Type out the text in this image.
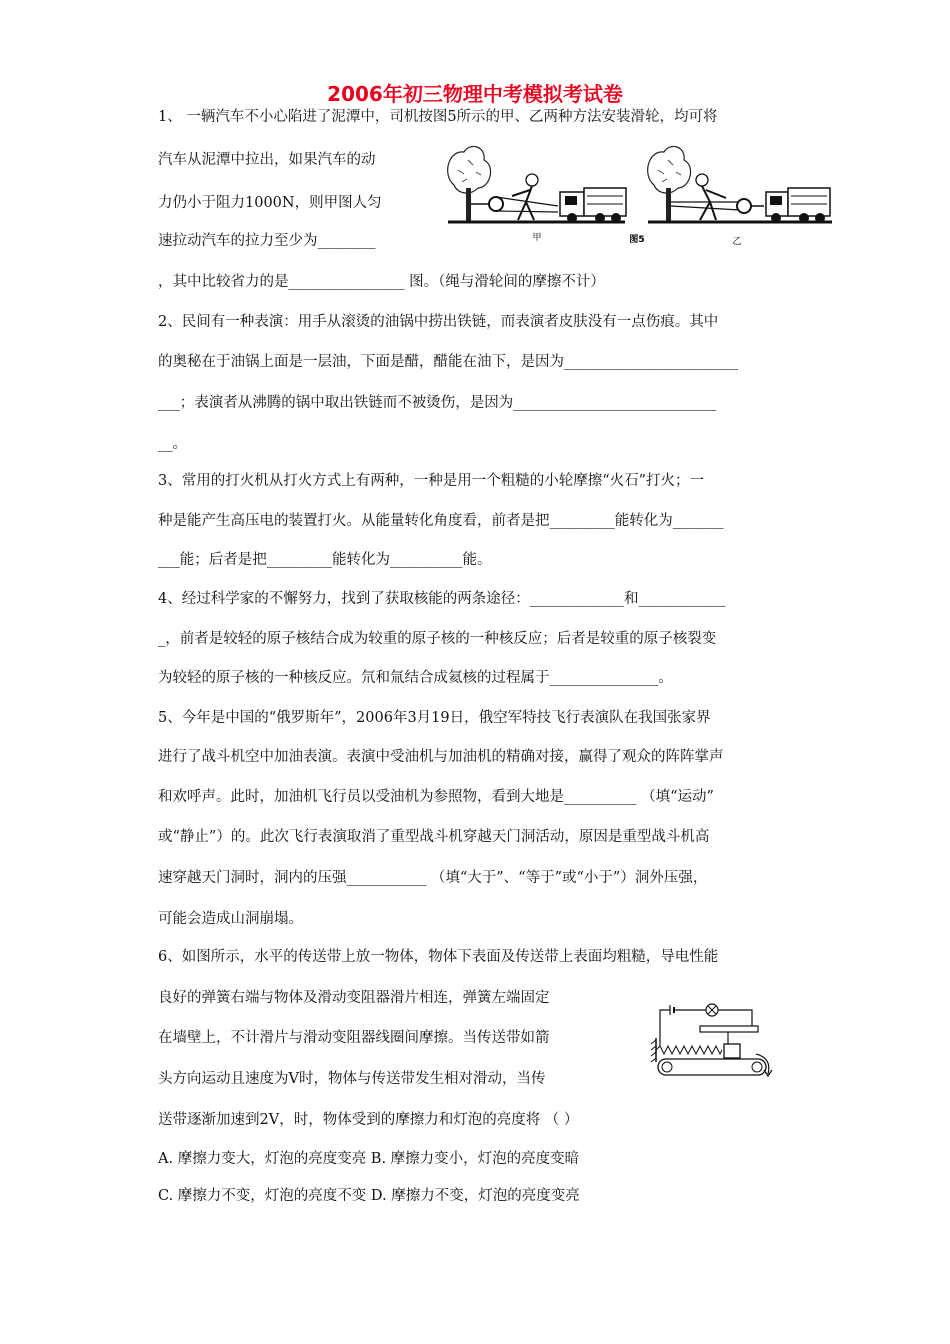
2006年初三物理中考模拟考试卷
1、 一辆汽车不小心陷进了泥潭中，司机按图5所示的甲、乙两种方法安装滑轮，均可将
汽车从泥潭中拉出，如果汽车的动
力仍小于阻力1000N，则甲图人匀
速拉动汽车的拉力至少为________
，其中比较省力的是________________ 图。（绳与滑轮间的摩擦不计）
2、民间有一种表演：用手从滚烫的油锅中捞出铁链，而表演者皮肤没有一点伤痕。其中
的奥秘在于油锅上面是一层油，下面是醋，醋能在油下，是因为________________________
___；表演者从沸腾的锅中取出铁链而不被烫伤，是因为____________________________
__。
3、常用的打火机从打火方式上有两种，一种是用一个粗糙的小轮摩擦“火石”打火；一
种是能产生高压电的装置打火。从能量转化角度看，前者是把_________能转化为_______
___能；后者是把_________能转化为__________能。
4、经过科学家的不懈努力，找到了获取核能的两条途径：_____________和____________
_，前者是较轻的原子核结合成为较重的原子核的一种核反应；后者是较重的原子核裂变
为较轻的原子核的一种核反应。氘和氚结合成氦核的过程属于_______________。
5、今年是中国的“俄罗斯年”，2006年3月19日，俄空军特技飞行表演队在我国张家界
进行了战斗机空中加油表演。表演中受油机与加油机的精确对接，赢得了观众的阵阵掌声
和欢呼声。此时，加油机飞行员以受油机为参照物，看到大地是__________ （填“运动”
或“静止”）的。此次飞行表演取消了重型战斗机穿越天门洞活动，原因是重型战斗机高
速穿越天门洞时，洞内的压强___________ （填“大于”、“等于”或“小于”）洞外压强，
可能会造成山洞崩塌。
6、如图所示，水平的传送带上放一物体，物体下表面及传送带上表面均粗糙，导电性能
良好的弹簧右端与物体及滑动变阻器滑片相连，弹簧左端固定
在墙壁上，不计滑片与滑动变阻器线圈间摩擦。当传送带如箭
头方向运动且速度为V时，物体与传送带发生相对滑动，当传
送带逐渐加速到2V，时，物体受到的摩擦力和灯泡的亮度将 （ ）
A. 摩擦力变大，灯泡的亮度变亮 B. 摩擦力变小，灯泡的亮度变暗
C. 摩擦力不变，灯泡的亮度不变 D. 摩擦力不变，灯泡的亮度变亮
甲	图5	乙
